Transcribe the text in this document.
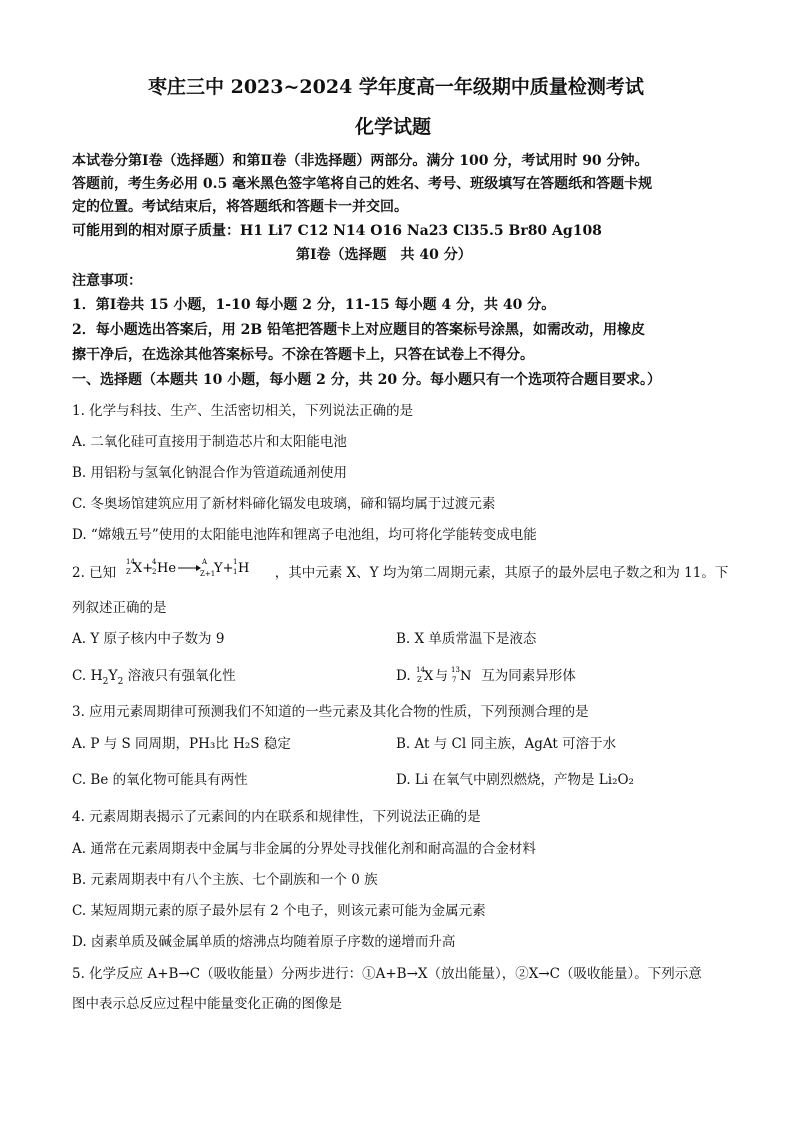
枣庄三中 2023~2024 学年度高一年级期中质量检测考试
化学试题
本试卷分第Ⅰ卷（选择题）和第Ⅱ卷（非选择题）两部分。满分 100 分，考试用时 90 分钟。
答题前，考生务必用 0.5 毫米黑色签字笔将自己的姓名、考号、班级填写在答题纸和答题卡规
定的位置。考试结束后，将答题纸和答题卡一并交回。
可能用到的相对原子质量：H1 Li7 C12 N14 O16 Na23 Cl35.5 Br80 Ag108
第Ⅰ卷（选择题　共 40 分）
注意事项：
1．第Ⅰ卷共 15 小题，1-10 每小题 2 分，11-15 每小题 4 分，共 40 分。
2．每小题选出答案后，用 2B 铅笔把答题卡上对应题目的答案标号涂黑，如需改动，用橡皮
擦干净后，在选涂其他答案标号。不涂在答题卡上，只答在试卷上不得分。
一、选择题（本题共 10 小题，每小题 2 分，共 20 分。每小题只有一个选项符合题目要求。）
1. 化学与科技、生产、生活密切相关，下列说法正确的是
A. 二氧化硅可直接用于制造芯片和太阳能电池
B. 用铝粉与氢氧化钠混合作为管道疏通剂使用
C. 冬奥场馆建筑应用了新材料碲化镉发电玻璃，碲和镉均属于过渡元素
D. “嫦娥五号”使用的太阳能电池阵和锂离子电池组，均可将化学能转变成电能
2. 已知
14
Z X+
4
2 He	A
Z+1
Y+ 1
1 H ，其中元素 X、Y 均为第二周期元素，其原子的最外层电子数之和为 11。下
列叙述正确的是
A. Y 原子核内中子数为 9	B. X 单质常温下是液态
C. $H_2Y_2$ 溶液只有强氧化性	D. 14
Z X 与 13
7 N 互为同素异形体
3. 应用元素周期律可预测我们不知道的一些元素及其化合物的性质，下列预测合理的是
A. P 与 S 同周期，PH₃比 H₂S 稳定	B. At 与 Cl 同主族，AgAt 可溶于水
C. Be 的氧化物可能具有两性	D. Li 在氧气中剧烈燃烧，产物是 Li₂O₂
4. 元素周期表揭示了元素间的内在联系和规律性，下列说法正确的是
A. 通常在元素周期表中金属与非金属的分界处寻找催化剂和耐高温的合金材料
B. 元素周期表中有八个主族、七个副族和一个 0 族
C. 某短周期元素的原子最外层有 2 个电子，则该元素可能为金属元素
D. 卤素单质及碱金属单质的熔沸点均随着原子序数的递增而升高
5. 化学反应 A+B→C（吸收能量）分两步进行：①A+B→X（放出能量），②X→C（吸收能量）。下列示意
图中表示总反应过程中能量变化正确的图像是
